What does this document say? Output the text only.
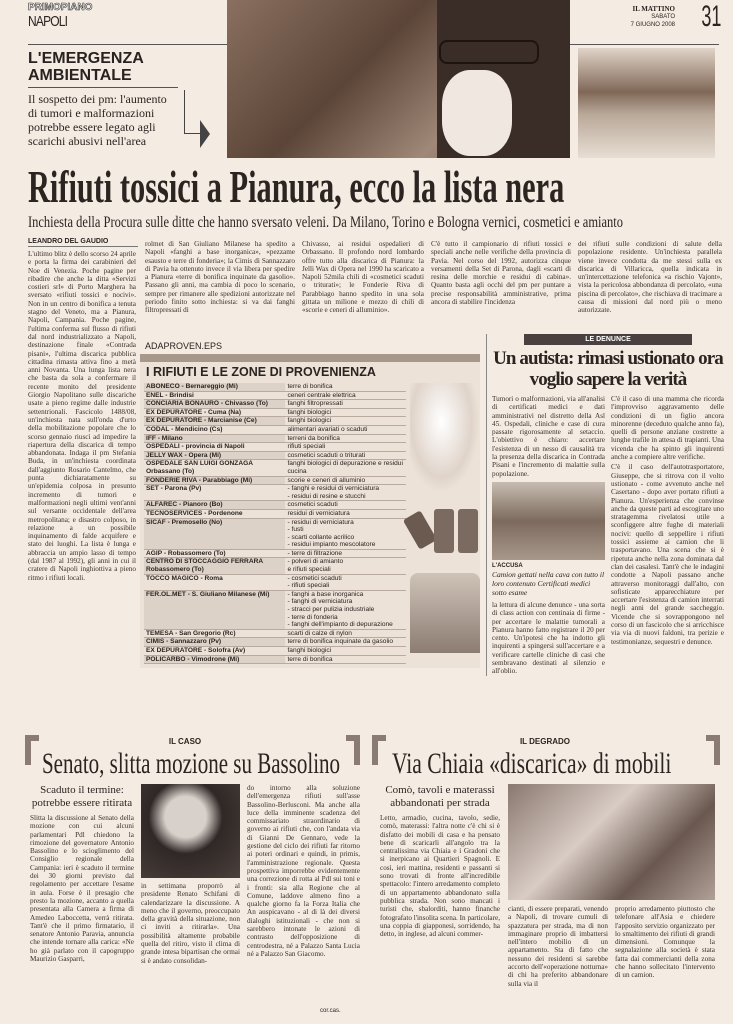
PRIMOPIANO
NAPOLI
IL MATTINO
SABATO
7 GIUGNO 2008 31
L'EMERGENZA AMBIENTALE
Il sospetto dei pm: l'aumento di tumori e malformazioni potrebbe essere legato agli scarichi abusivi nell'area
Rifiuti tossici a Pianura, ecco la lista nera
Inchiesta della Procura sulle ditte che hanno sversato veleni. Da Milano, Torino e Bologna vernici, cosmetici e amianto
LEANDRO DEL GAUDIO
L'ultimo blitz è dello scorso 24 aprile e porta la firma dei carabinieri del Noe di Venezia. Poche pagine per ribadire che anche la ditta «Servizi costieri srl» di Porto Marghera ha sversato «rifiuti tossici e nocivi». Non in un centro di bonifica a tenuta stagno del Veneto, ma a Pianura, Napoli, Campania. Poche pagine, l'ultima conferma sul flusso di rifiuti dal nord industrializzato a Napoli, destinazione finale «Contrada pisani», l'ultima discarica pubblica cittadina rimasta attiva fino a metà anni Novanta. Una lunga lista nera che basta da sola a confermare il recente monito del presidente Giorgio Napolitano sulle discariche usate a pieno regime dalle industrie settentrionali. Fascicolo 1488/08, un'inchiesta nata sull'onda d'urto della mobilitazione popolare che lo scorso gennaio riuscì ad impedire la riapertura della discarica di tempo abbandonata. Indaga il pm Stefania Buda, in un'inchiesta coordinata dall'aggiunto Rosario Cantelmo, che punta dichiaratamente su un'epidemia colposa in presunto incremento di tumori e malformazioni negli ultimi vent'anni sul versante occidentale dell'area metropolitana; e disastro colposo, in relazione a un possibile inquinamento di falde acquifere e stato dei luoghi. La lista è lunga e abbraccia un ampio lasso di tempo (dal 1987 al 1992), gli anni in cui il cratere di Napoli inghiottiva a pieno ritmo i rifiuti locali.
rolmet di San Giuliano Milanese ha spedito a Napoli «fanghi a base inorganica», «pezzame esausto e terre di fonderia»; la Cimis di Sannazzaro di Pavia ha ottenuto invece il via libera per spedire a Pianura «terre di bonifica inquinate da gasolio». Passano gli anni, ma cambia di poco lo scenario, sempre per rimanere alle spedizioni autorizzate nel periodo finito sotto inchiesta: si va dai fanghi filtropressati di
Chivasso, ai residui ospedalieri di Orbassano. Il profondo nord lombardo offre tutto alla discarica di Pianura: la Jelli Wax di Opera nel 1990 ha scaricato a Napoli 52mila chili di «cosmetici scaduti o triturati»; le Fonderie Riva di Parabbiago hanno spedito in una sola gittata un milione e mezzo di chili di «scorie e ceneri di alluminio».
C'è tutto il campionario di rifiuti tossici e speciali anche nelle verifiche della provincia di Pavia. Nel corso del 1992, autorizza cinque versamenti della Set di Parona, dagli «scarti di resina delle morchie e residui di cabina». Quanto basta agli occhi del pm per puntare a precise responsabilità amministrative, prima ancora di stabilire l'incidenza
dei rifiuti sulle condizioni di salute della popolazione residente. Un'inchiesta parallela viene invece condotta da me stessi sulla ex discarica di Villaricca, quella indicata in un'intercettazione telefonica «a rischio Vajont», vista la pericolosa abbondanza di percolato, «una piscina di percolato», che rischiava di tracimare a causa di missioni dal nord più o meno autorizzate.
ADAPROVEN.EPS
I RIFIUTI E LE ZONE DI PROVENIENZA
ABONECO - Bernareggio (Mi)	terre di bonifica
ENEL - Brindisi	ceneri centrale elettrica
CONCIARIA BONAURO - Chivasso (To)	fanghi filtropressati
EX DEPURATORE - Cuma (Na)	fanghi biologici
EX DEPURATORE - Marcianise (Ce)	fanghi biologici
CODAL - Mendicino (Cs)	alimentari avariati o scaduti
IFF - Milano	terreni da bonifica
OSPEDALI - provincia di Napoli	rifiuti speciali
JELLY WAX - Opera (Mi)	cosmetici scaduti o triturati
OSPEDALE SAN LUIGI GONZAGA Orbassano (To)	fanghi biologici di depurazione e residui cucina
FONDERIE RIVA - Parabbiago (Mi)	scorie e ceneri di alluminio
SET - Parona (Pv)	- fanghi e residui di verniciatura
- residui di resine e stucchi
ALFAREC - Pianoro (Bo)	cosmetici scaduti
TECNOSERVICES - Pordenone	residui di verniciatura
SICAF - Premosello (No)	- residui di verniciatura
- fusti
- scarti collante acrilico
- residui impianto mescolatore
AGIP - Robassomero (To)	- terre di filtrazione
CENTRO DI STOCCAGGIO FERRARA Robassomero (To)	- polveri di amianto
e rifiuti speciali
TOCCO MAGICO - Roma	- cosmetici scaduti
- rifiuti speciali
FER.OL.MET - S. Giuliano Milanese (Mi)	- fanghi a base inorganica
- fanghi di verniciatura
- stracci per pulizia industriale
- terre di fonderia
- fanghi dell'impianto di depurazione
TEMESA - San Gregorio (Rc)	scarti di calze di nylon
CIMIS - Sannazzaro (Pv)	terre di bonifica inquinate da gasolio
EX DEPURATORE - Solofra (Av)	fanghi biologici
POLICARBO - Vimodrone (Mi)	terre di bonifica
LE DENUNCE
Un autista: rimasi ustionato ora voglio sapere la verità
Tumori o malformazioni, via all'analisi di certificati medici e dati amministrativi nel distretto della Asl 45. Ospedali, cliniche e case di cura passate rigorosamente al setaccio. L'obiettivo è chiaro: accertare l'esistenza di un nesso di causalità tra la presenza della discarica in Contrada Pisani e l'incremento di malattie sulla popolazione.
L'ACCUSA
Camion gettati nella cava con tutto il loro contenuto Certificati medici sotto esame
la lettura di alcune denunce - una sorta di class action con centinaia di firme - per accertare le malattie tumorali a Pianura hanno fatto registrare il 20 per cento. Un'ipotesi che ha indotto gli inquirenti a spingersi sull'accertare e a verificare cartelle cliniche di casi che sembravano destinati al silenzio e all'oblio.
C'è il caso di una mamma che ricorda l'improvviso aggravamento delle condizioni di un figlio ancora minorenne (deceduto qualche anno fa), quelli di persone anziane costrette a lunghe trafile in attesa di trapianti. Una vicenda che ha spinto gli inquirenti anche a compiere altre verifiche.
C'è il caso dell'autotrasportatore, Giuseppe, che si ritrova con il volto ustionato - come avvenuto anche nel Casertano - dopo aver portato rifiuti a Pianura. Un'esperienza che convinse anche da queste parti ad escogitare uno stratagemma rivelatosi utile a sconfiggere altre fughe di materiali nocivi: quello di seppellire i rifiuti tossici assieme ai camion che li trasportavano. Una scena che si è ripetuta anche nella zona dominata dal clan dei casalesi. Tant'è che le indagini condotte a Napoli passano anche attraverso monitoraggi dall'alto, con sofisticate apparecchiature per accertare l'esistenza di camion interrati negli anni del grande saccheggio. Vicende che si sovrappongono nel corso di un fascicolo che si arricchisce via via di nuovi faldoni, tra perizie e testimonianze, sequestri e denunce.
IL CASO
Senato, slitta mozione su Bassolino
Scaduto il termine: potrebbe essere ritirata
Slitta la discussione al Senato della mozione con cui alcuni parlamentari Pdl chiedono la rimozione del governatore Antonio Bassolino e lo scioglimento del Consiglio regionale della Campania: ieri è scaduto il termine dei 30 giorni previsto dal regolamento per accettare l'esame in aula. Forse è il presagio che presto la mozione, accanto a quella presentata alla Camera a firma di Amedeo Laboccetta, verrà ritirata. Tant'è che il primo firmatario, il senatore Antonio Paravia, annuncia che intende tornare alla carica: «Ne ho già parlato con il capogruppo Maurizio Gasparri,
in settimana proporrò al presidente Renato Schifani di calendarizzare la discussione. A meno che il governo, preoccupato della gravità della situazione, non ci inviti a ritirarla». Una possibilità altamente probabile quella del ritiro, visto il clima di grande intesa bipartisan che ormai si è andato consolidan-
do intorno alla soluzione dell'emergenza rifiuti sull'asse Bassolino-Berlusconi. Ma anche alla luce della imminente scadenza del commissariato straordinario di governo ai rifiuti che, con l'andata via di Gianni De Gennaro, vede la gestione del ciclo dei rifiuti far ritorno ai poteri ordinari e quindi, in primis, l'amministrazione regionale. Questa prospettiva imporrebbe evidentemente una correzione di rotta al Pdl sui toni e i fronti: sia alla Regione che al Comune, laddove almeno fino a qualche giorno fa la Forza Italia che An auspicavano - al di là dei diversi dialoghi istituzionali - che non si sarebbero intonate le azioni di contrasto dell'opposizione di centrodestra, né a Palazzo Santa Lucia né a Palazzo San Giacomo.
cor.cas.
IL DEGRADO
Via Chiaia «discarica» di mobili
Comò, tavoli e materassi abbandonati per strada
Letto, armadio, cucina, tavolo, sedie, comò, materassi: l'altra notte c'è chi si è disfatto dei mobili di casa e ha pensato bene di scaricarli all'angolo tra la centralissima via Chiaia e i Gradoni che si inerpicano ai Quartieri Spagnoli. E così, ieri mattina, residenti e passanti si sono trovati di fronte all'incredibile spettacolo: l'intero arredamento completo di un appartamento abbandonato sulla pubblica strada. Non sono mancati i turisti che, sbalorditi, hanno finanche fotografato l'insolita scena. In particolare, una coppia di giapponesi, sorridendo, ha detto, in inglese, ad alcuni commer-
cianti, di essere preparati, venendo a Napoli, di trovare cumuli di spazzatura per strada, ma di non immaginare proprio di imbattersi nell'intero mobilio di un appartamento. Sta di fatto che nessuno dei residenti si sarebbe accorto dell'«operazione notturna» di chi ha preferito abbandonare sulla via il
proprio arredamento piuttosto che telefonare all'Asia e chiedere l'apposito servizio organizzato per lo smaltimento dei rifiuti di grandi dimensioni. Comunque la segnalazione alla società è stata fatta dai commercianti della zona che hanno sollecitato l'intervento di un camion.
